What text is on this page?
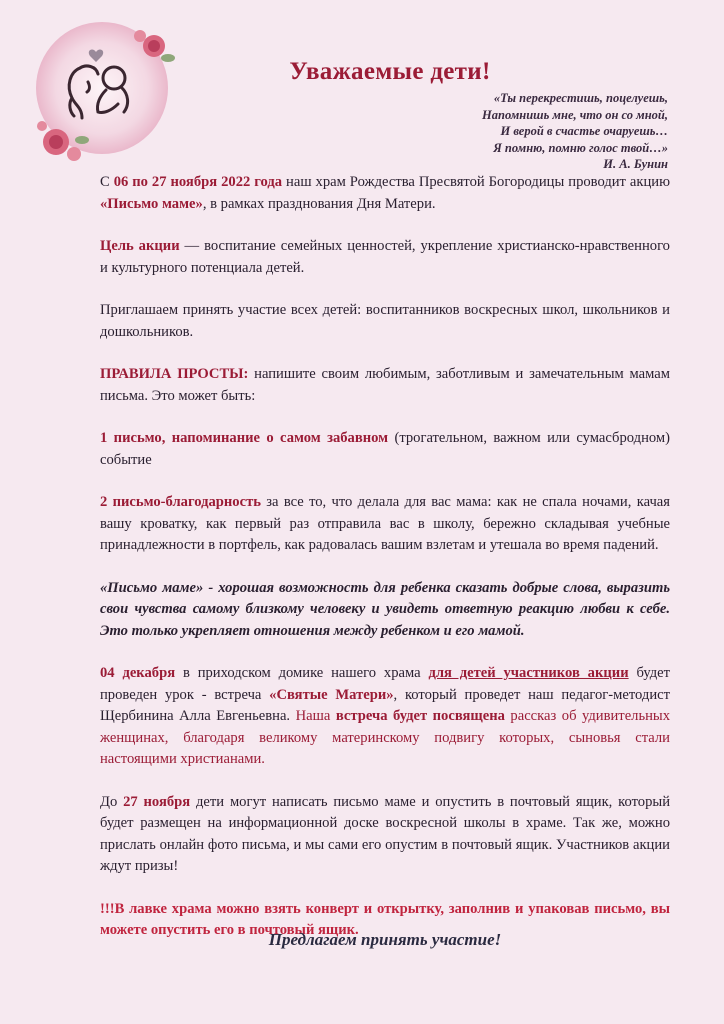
Уважаемые дети!
«Ты перекрестишь, поцелуешь,
Напомнишь мне, что он со мной,
И верой в счастье очаруешь…
Я помню, помню голос твой…»
И. А. Бунин

С 06 по 27 ноября 2022 года наш храм Рождества Пресвятой Богородицы проводит акцию «Письмо маме», в рамках празднования Дня Матери.

Цель акции — воспитание семейных ценностей, укрепление христианско-нравственного и культурного потенциала детей.

Приглашаем принять участие всех детей: воспитанников воскресных школ, школьников и дошкольников.

ПРАВИЛА ПРОСТЫ: напишите своим любимым, заботливым и замечательным мамам письма. Это может быть:

1 письмо, напоминание о самом забавном (трогательном, важном или сумасбродном) событие

2 письмо-благодарность за все то, что делала для вас мама: как не спала ночами, качая вашу кроватку, как первый раз отправила вас в школу, бережно складывая учебные принадлежности в портфель, как радовалась вашим взлетам и утешала во время падений.

«Письмо маме» - хорошая возможность для ребенка сказать добрые слова, выразить свои чувства самому близкому человеку и увидеть ответную реакцию любви к себе. Это только укрепляет отношения между ребенком и его мамой.

04 декабря в приходском домике нашего храма для детей участников акции будет проведен урок - встреча «Святые Матери», который проведет наш педагог-методист Щербинина Алла Евгеньевна. Наша встреча будет посвящена рассказ об удивительных женщинах, благодаря великому материнскому подвигу которых, сыновья стали настоящими христианами.

До 27 ноября дети могут написать письмо маме и опустить в почтовый ящик, который будет размещен на информационной доске воскресной школы в храме. Так же, можно прислать онлайн фото письма, и мы сами его опустим в почтовый ящик. Участников акции ждут призы!

!!!В лавке храма можно взять конверт и открытку, заполнив и упаковав письмо, вы можете опустить его в почтовый ящик.

Предлагаем принять участие!
